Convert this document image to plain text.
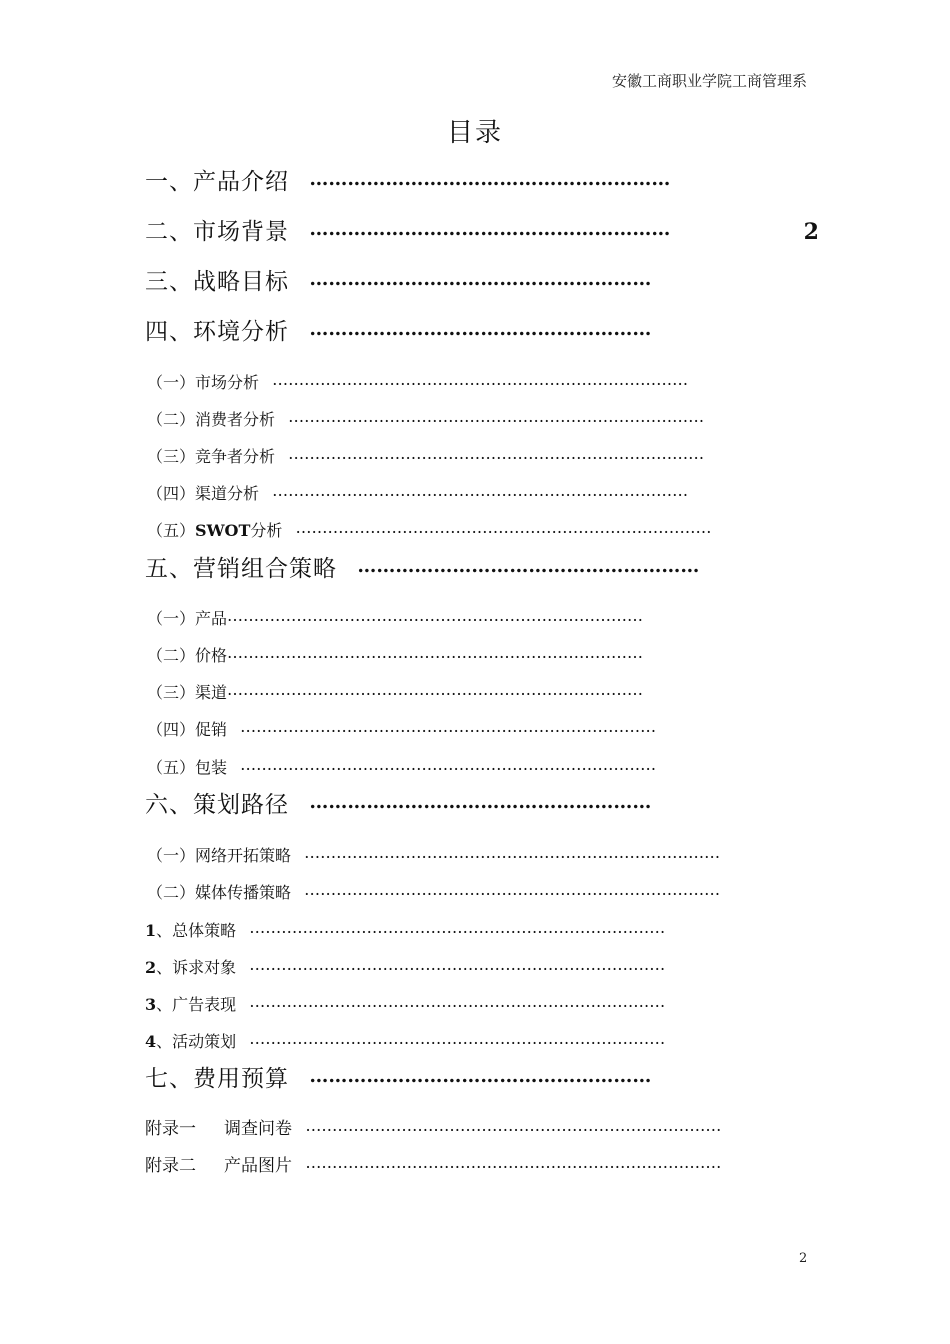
安徽工商职业学院工商管理系
目录
一、产品介绍 …………………………………………………
二、市场背景 …………………………………………………	2
三、战略目标 ………………………………………………
四、环境分析 ………………………………………………
（一）市场分析 ……………………………………………………………………
（二）消费者分析 ……………………………………………………………………
（三）竞争者分析 ……………………………………………………………………
（四）渠道分析 ……………………………………………………………………
（五）SWOT分析 ……………………………………………………………………
五、营销组合策略 ………………………………………………
（一）产品……………………………………………………………………
（二）价格……………………………………………………………………
（三）渠道……………………………………………………………………
（四）促销 ……………………………………………………………………
（五）包装 ……………………………………………………………………
六、策划路径 ………………………………………………
（一）网络开拓策略 ……………………………………………………………………
（二）媒体传播策略 ……………………………………………………………………
1、总体策略 ……………………………………………………………………
2、诉求对象 ……………………………………………………………………
3、广告表现 ……………………………………………………………………
4、活动策划 ……………………………………………………………………
七、费用预算 ………………………………………………
附录一 调查问卷 ……………………………………………………………………
附录二 产品图片 ……………………………………………………………………
2
